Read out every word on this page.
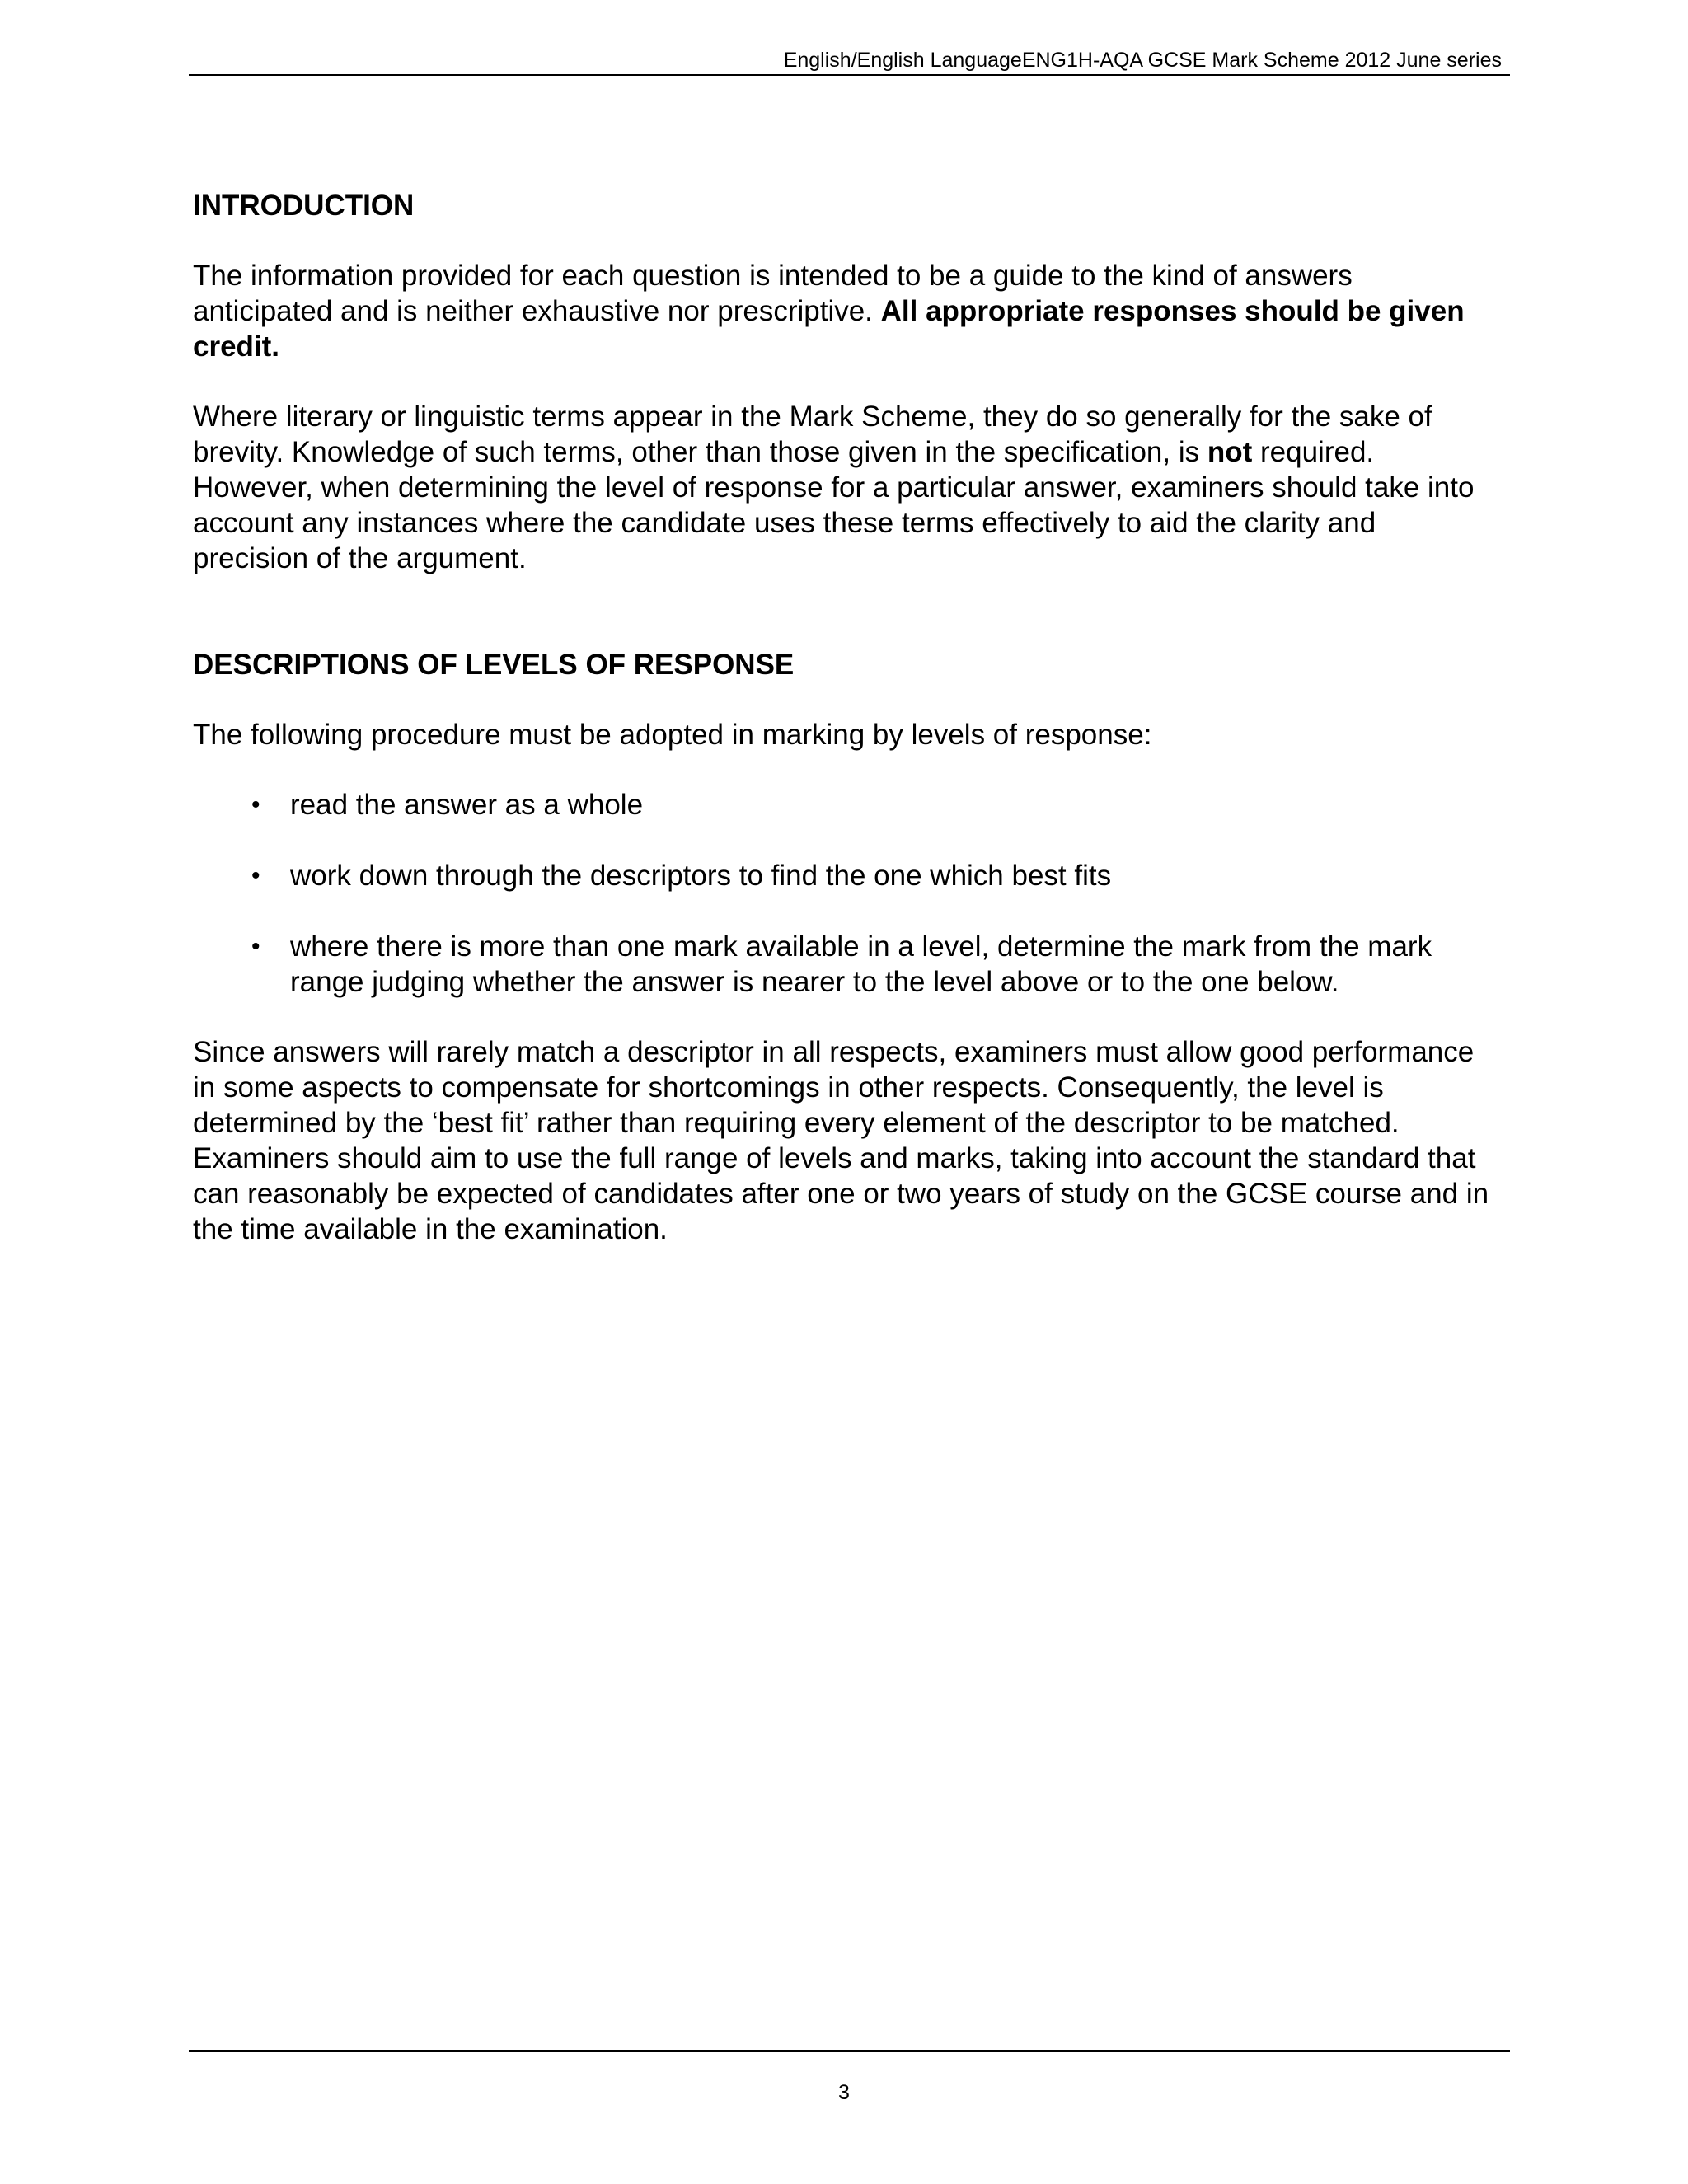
English/English LanguageENG1H-AQA GCSE Mark Scheme 2012 June series
INTRODUCTION

The information provided for each question is intended to be a guide to the kind of answers anticipated and is neither exhaustive nor prescriptive. All appropriate responses should be given credit.

Where literary or linguistic terms appear in the Mark Scheme, they do so generally for the sake of brevity. Knowledge of such terms, other than those given in the specification, is not required. However, when determining the level of response for a particular answer, examiners should take into account any instances where the candidate uses these terms effectively to aid the clarity and precision of the argument.

DESCRIPTIONS OF LEVELS OF RESPONSE

The following procedure must be adopted in marking by levels of response:

• read the answer as a whole
• work down through the descriptors to find the one which best fits
• where there is more than one mark available in a level, determine the mark from the mark range judging whether the answer is nearer to the level above or to the one below.

Since answers will rarely match a descriptor in all respects, examiners must allow good performance in some aspects to compensate for shortcomings in other respects. Consequently, the level is determined by the ‘best fit’ rather than requiring every element of the descriptor to be matched. Examiners should aim to use the full range of levels and marks, taking into account the standard that can reasonably be expected of candidates after one or two years of study on the GCSE course and in the time available in the examination.

3
